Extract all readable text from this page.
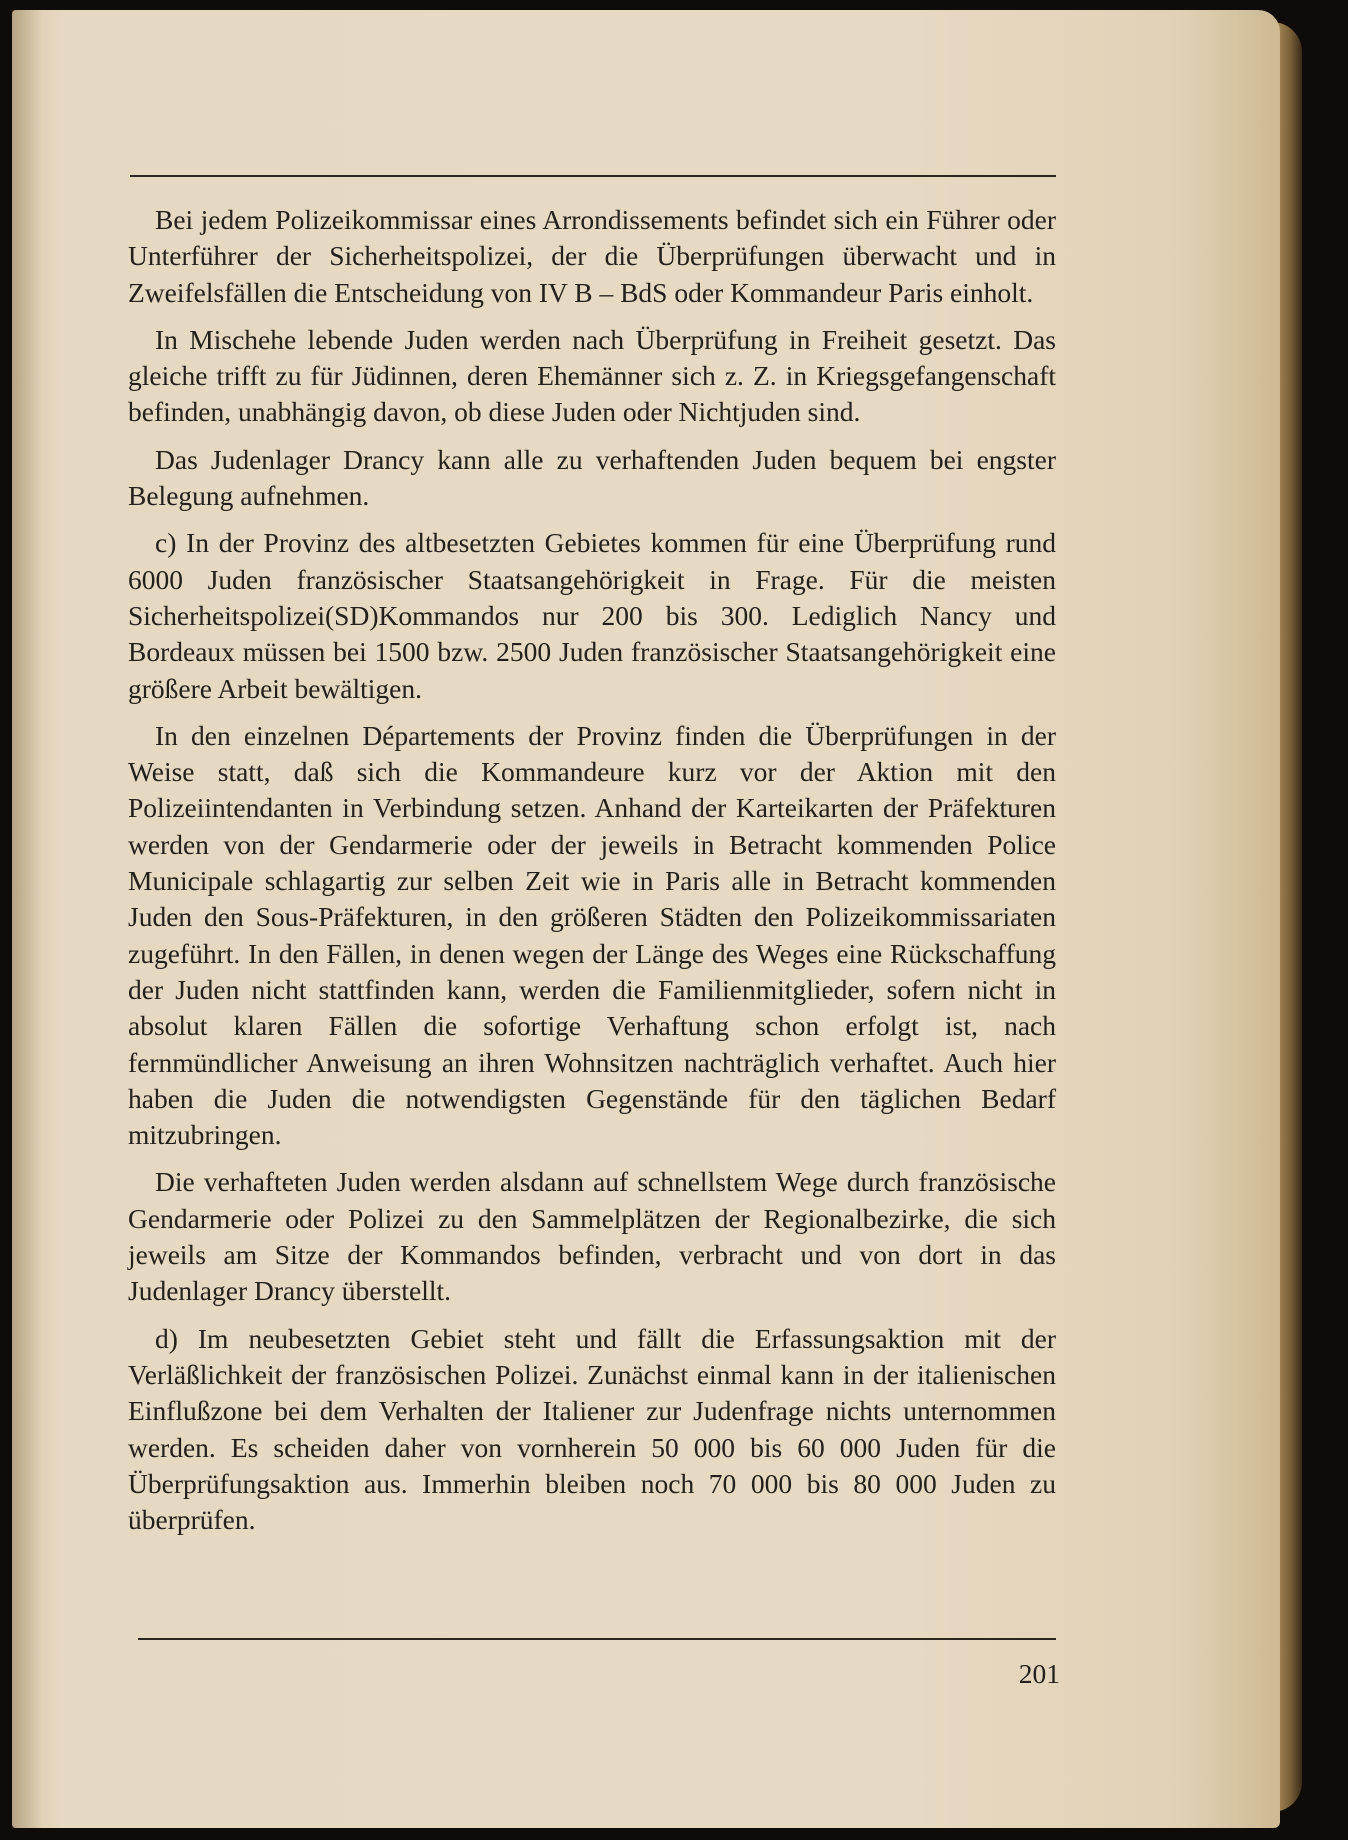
Bei jedem Polizeikommissar eines Arrondissements befindet sich ein Führer oder Unterführer der Sicherheitspolizei, der die Überprüfungen überwacht und in Zweifelsfällen die Entscheidung von IV B – BdS oder Kommandeur Paris einholt.

In Mischehe lebende Juden werden nach Überprüfung in Freiheit gesetzt. Das gleiche trifft zu für Jüdinnen, deren Ehemänner sich z. Z. in Kriegsgefangenschaft befinden, unabhängig davon, ob diese Juden oder Nichtjuden sind.

Das Judenlager Drancy kann alle zu verhaftenden Juden bequem bei engster Belegung aufnehmen.

c) In der Provinz des altbesetzten Gebietes kommen für eine Überprüfung rund 6000 Juden französischer Staatsangehörigkeit in Frage. Für die meisten Sicherheitspolizei(SD)Kommandos nur 200 bis 300. Lediglich Nancy und Bordeaux müssen bei 1500 bzw. 2500 Juden französischer Staatsangehörigkeit eine größere Arbeit bewältigen.

In den einzelnen Départements der Provinz finden die Überprüfungen in der Weise statt, daß sich die Kommandeure kurz vor der Aktion mit den Polizeiintendanten in Verbindung setzen. Anhand der Karteikarten der Präfekturen werden von der Gendarmerie oder der jeweils in Betracht kommenden Police Municipale schlagartig zur selben Zeit wie in Paris alle in Betracht kommenden Juden den Sous-Präfekturen, in den größeren Städten den Polizeikommissariaten zugeführt. In den Fällen, in denen wegen der Länge des Weges eine Rückschaffung der Juden nicht stattfinden kann, werden die Familienmitglieder, sofern nicht in absolut klaren Fällen die sofortige Verhaftung schon erfolgt ist, nach fernmündlicher Anweisung an ihren Wohnsitzen nachträglich verhaftet. Auch hier haben die Juden die notwendigsten Gegenstände für den täglichen Bedarf mitzubringen.

Die verhafteten Juden werden alsdann auf schnellstem Wege durch französische Gendarmerie oder Polizei zu den Sammelplätzen der Regionalbezirke, die sich jeweils am Sitze der Kommandos befinden, verbracht und von dort in das Judenlager Drancy überstellt.

d) Im neubesetzten Gebiet steht und fällt die Erfassungsaktion mit der Verläßlichkeit der französischen Polizei. Zunächst einmal kann in der italienischen Einflußzone bei dem Verhalten der Italiener zur Judenfrage nichts unternommen werden. Es scheiden daher von vornherein 50 000 bis 60 000 Juden für die Überprüfungsaktion aus. Immerhin bleiben noch 70 000 bis 80 000 Juden zu überprüfen.

201
